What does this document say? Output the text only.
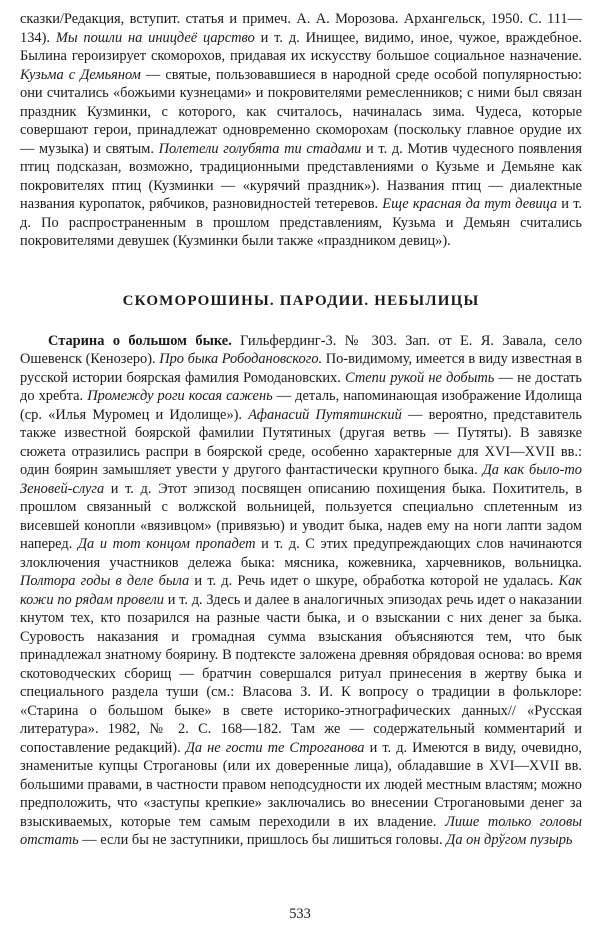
сказки/Редакция, вступит. статья и примеч. А. А. Морозова. Архангельск, 1950. С. 111—134). Мы пошли на иницдеё царство и т. д. Инищее, видимо, иное, чужое, враждебное. Былина героизирует скоморохов, придавая их искусству большое социальное назначение. Кузьма с Демьяном — святые, пользовавшиеся в народной среде особой популярностью: они считались «божьими кузнецами» и покровителями ремесленников; с ними был связан праздник Кузминки, с которого, как считалось, начиналась зима. Чудеса, которые совершают герои, принадлежат одновременно скоморохам (поскольку главное орудие их — музыка) и святым. Полетели голубята ти стадами и т. д. Мотив чудесного появления птиц подсказан, возможно, традиционными представлениями о Кузьме и Демьяне как покровителях птиц (Кузминки — «курячий праздник»). Названия птиц — диалектные названия куропаток, рябчиков, разновидностей тетеревов. Еще красная да тут девица и т. д. По распространенным в прошлом представлениям, Кузьма и Демьян считались покровителями девушек (Кузминки были также «праздником девиц»).

СКОМОРОШИНЫ. ПАРОДИИ. НЕБЫЛИЦЫ

Старина о большом быке. Гильфердинг-3. № 303. Зап. от Е. Я. Завала, село Ошевенск (Кенозеро). Про быка Рободановского. По-видимому, имеется в виду известная в русской истории боярская фамилия Ромодановских. Степи рукой не добыть — не достать до хребта. Промежду роги косая сажень — деталь, напоминающая изображение Идолища (ср. «Илья Муромец и Идолище»). Афанасий Путятинский — вероятно, представитель также известной боярской фамилии Путятиных (другая ветвь — Путяты). В завязке сюжета отразились распри в боярской среде, особенно характерные для XVI—XVII вв.: один боярин замышляет увести у другого фантастически крупного быка. Да как было-то Зеновей-слуга и т. д. Этот эпизод посвящен описанию похищения быка. Похититель, в прошлом связанный с волжской вольницей, пользуется специально сплетенным из висевшей конопли «вязивцом» (привязью) и уводит быка, надев ему на ноги лапти задом наперед. Да и тот концом пропадет и т. д. С этих предупреждающих слов начинаются злоключения участников дележа быка: мясника, кожевника, харчевников, вольницка. Полтора годы в деле была и т. д. Речь идет о шкуре, обработка которой не удалась. Как кожи по рядам провели и т. д. Здесь и далее в аналогичных эпизодах речь идет о наказании кнутом тех, кто позарился на разные части быка, и о взыскании с них денег за быка. Суровость наказания и громадная сумма взыскания объясняются тем, что бык принадлежал знатному боярину. В подтексте заложена древняя обрядовая основа: во время скотоводческих сборищ — братчин совершался ритуал принесения в жертву быка и специального раздела туши (см.: Власова З. И. К вопросу о традиции в фольклоре: «Старина о большом быке» в свете историко-этнографических данных// «Русская литература». 1982, № 2. С. 168—182. Там же — содержательный комментарий и сопоставление редакций). Да не гости те Строганова и т. д. Имеются в виду, очевидно, знаменитые купцы Строгановы (или их доверенные лица), обладавшие в XVI—XVII вв. большими правами, в частности правом неподсудности их людей местным властям; можно предположить, что «заступы крепкие» заключались во внесении Строгановыми денег за взыскиваемых, которые тем самым переходили в их владение. Лише только головы отстать — если бы не заступники, пришлось бы лишиться головы. Да он дрўгом пузырь

533
